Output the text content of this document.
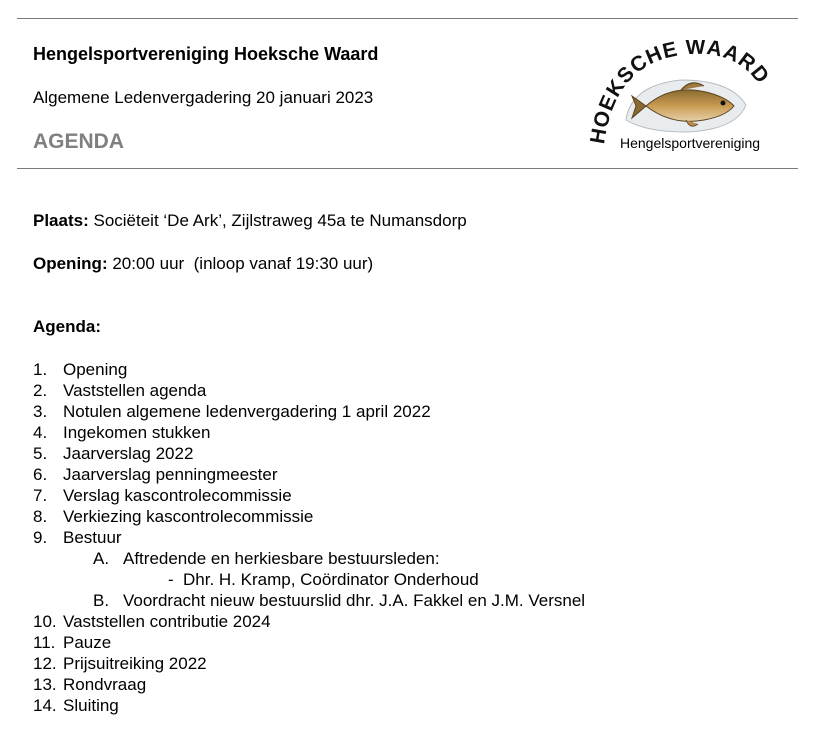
Hengelsportvereniging Hoeksche Waard
Algemene Ledenvergadering 20 januari 2023
AGENDA	HOEKSCHE WAARD
Hengelsportvereniging
Plaats: Sociëteit ‘De Ark’, Zijlstraweg 45a te Numansdorp
Opening: 20:00 uur  (inloop vanaf 19:30 uur)
Agenda:
1. Opening
2. Vaststellen agenda
3. Notulen algemene ledenvergadering 1 april 2022
4. Ingekomen stukken
5. Jaarverslag 2022
6. Jaarverslag penningmeester
7. Verslag kascontrolecommissie
8. Verkiezing kascontrolecommissie
9. Bestuur
A. Aftredende en herkiesbare bestuursleden:
- Dhr. H. Kramp, Coördinator Onderhoud
B. Voordracht nieuw bestuurslid dhr. J.A. Fakkel en J.M. Versnel
10. Vaststellen contributie 2024
11. Pauze
12. Prijsuitreiking 2022
13. Rondvraag
14. Sluiting
